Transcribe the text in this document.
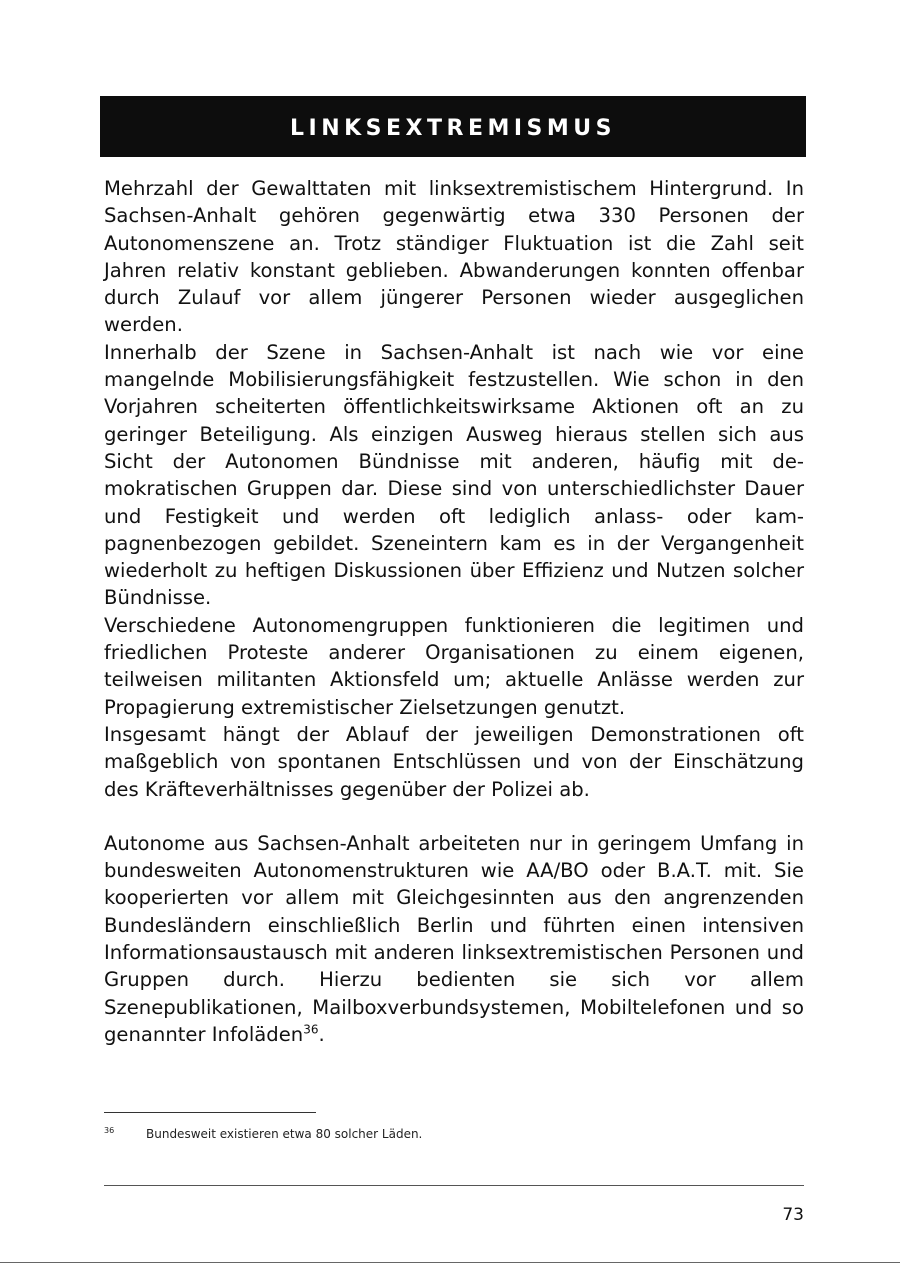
LINKSEXTREMISMUS

Mehrzahl der Gewalttaten mit linksextremistischem Hintergrund. In Sachsen-Anhalt gehören gegenwärtig etwa 330 Personen der Autonomenszene an. Trotz ständiger Fluktuation ist die Zahl seit Jahren relativ konstant geblieben. Abwanderungen konnten offenbar durch Zulauf vor allem jüngerer Personen wieder ausgeglichen werden.

Innerhalb der Szene in Sachsen-Anhalt ist nach wie vor eine mangelnde Mobilisierungsfähigkeit festzustellen. Wie schon in den Vorjahren scheiterten öffentlichkeitswirksame Aktionen oft an zu geringer Beteiligung. Als einzigen Ausweg hieraus stellen sich aus Sicht der Autonomen Bündnisse mit anderen, häufig mit demokratischen Gruppen dar. Diese sind von unterschiedlichster Dauer und Festigkeit und werden oft lediglich anlass- oder kampagnenbezogen gebildet. Szeneintern kam es in der Vergangenheit wiederholt zu heftigen Diskussionen über Effizienz und Nutzen solcher Bündnisse.

Verschiedene Autonomengruppen funktionieren die legitimen und friedlichen Proteste anderer Organisationen zu einem eigenen, teilweisen militanten Aktionsfeld um; aktuelle Anlässe werden zur Propagierung extremistischer Zielsetzungen genutzt.

Insgesamt hängt der Ablauf der jeweiligen Demonstrationen oft maßgeblich von spontanen Entschlüssen und von der Einschätzung des Kräfteverhältnisses gegenüber der Polizei ab.

Autonome aus Sachsen-Anhalt arbeiteten nur in geringem Umfang in bundesweiten Autonomenstrukturen wie AA/BO oder B.A.T. mit. Sie kooperierten vor allem mit Gleichgesinnten aus den angrenzenden Bundesländern einschließlich Berlin und führten einen intensiven Informationsaustausch mit anderen linksextremistischen Personen und Gruppen durch. Hierzu bedienten sie sich vor allem Szenepublikationen, Mailboxverbundsystemen, Mobiltelefonen und so genannter Infoläden$^{36}$.

36	Bundesweit existieren etwa 80 solcher Läden.
73
